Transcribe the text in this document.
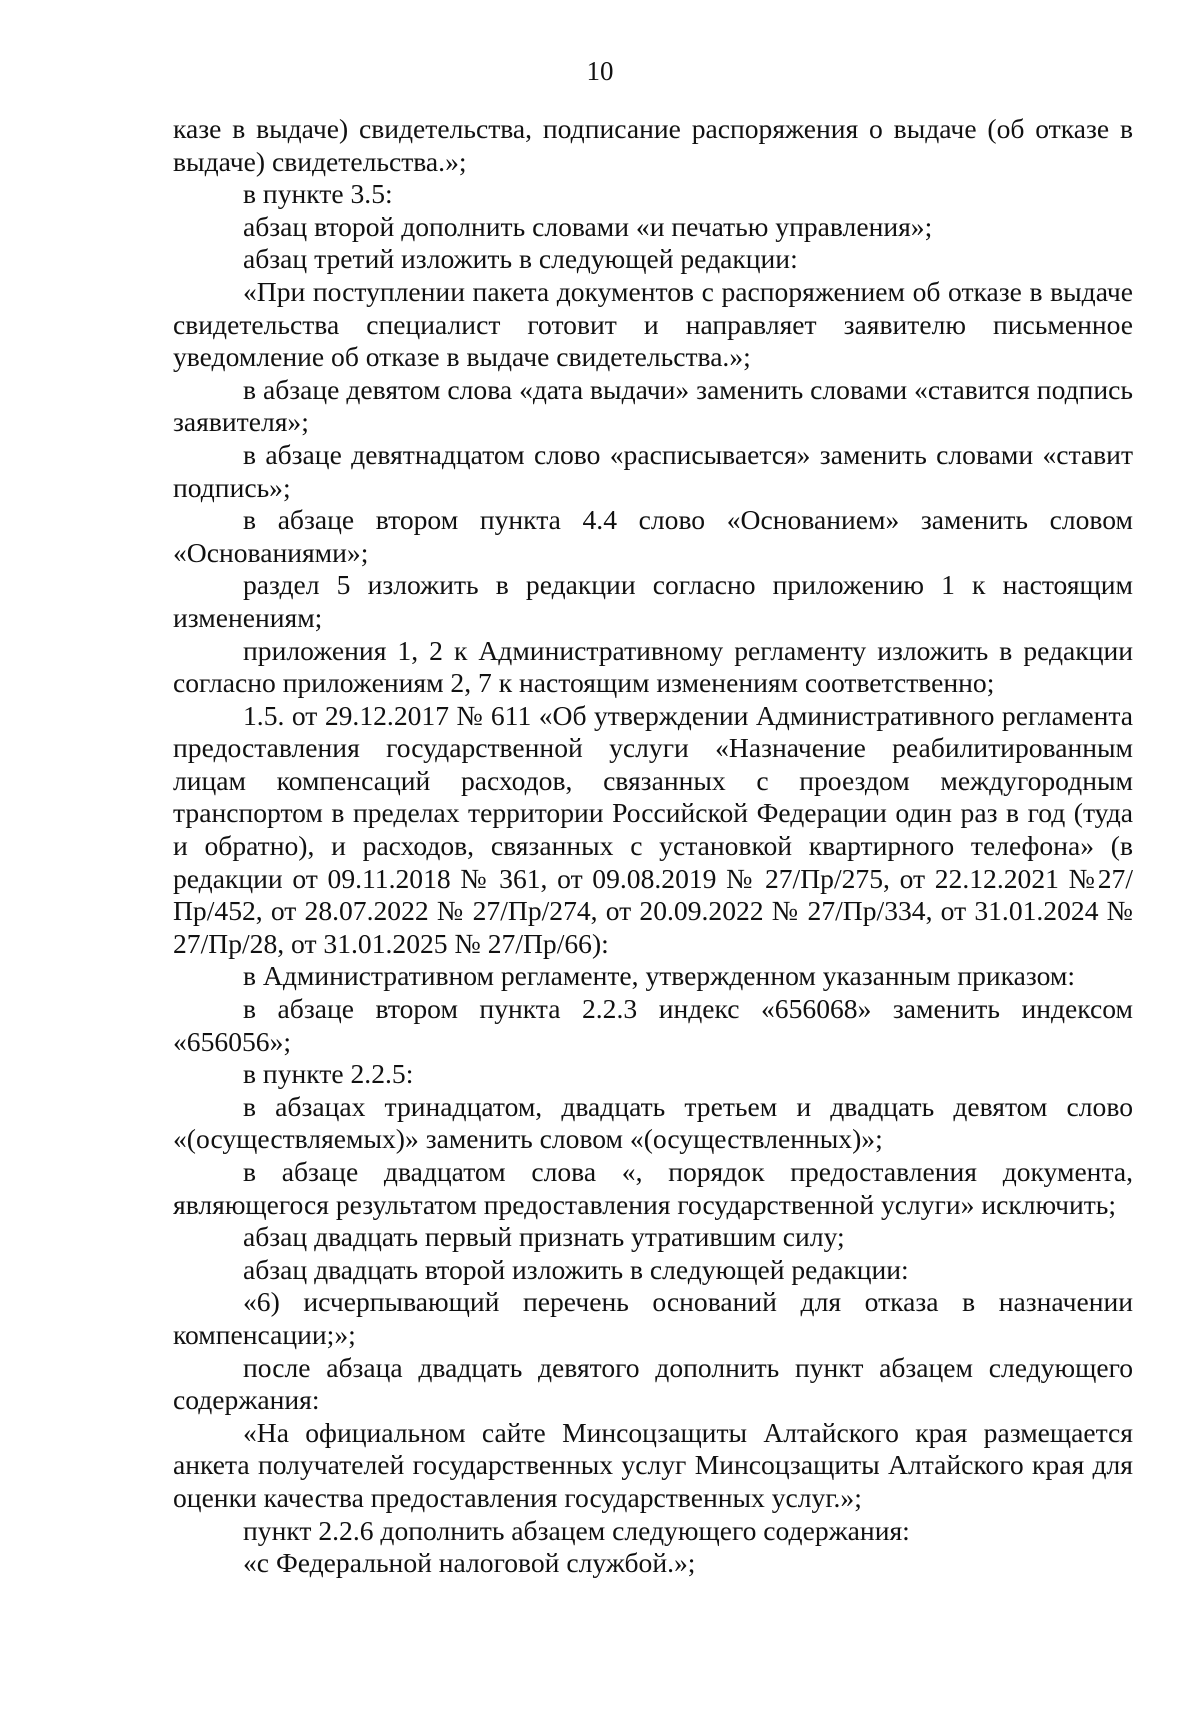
10

казе в выдаче) свидетельства, подписание распоряжения о выдаче (об отказе в выдаче) свидетельства.»;

в пункте 3.5:

абзац второй дополнить словами «и печатью управления»;

абзац третий изложить в следующей редакции:

«При поступлении пакета документов с распоряжением об отказе в выдаче свидетельства специалист готовит и направляет заявителю письменное уведомление об отказе в выдаче свидетельства.»;

в абзаце девятом слова «дата выдачи» заменить словами «ставится подпись заявителя»;

в абзаце девятнадцатом слово «расписывается» заменить словами «ставит подпись»;

в абзаце втором пункта 4.4 слово «Основанием» заменить словом «Основаниями»;

раздел 5 изложить в редакции согласно приложению 1 к настоящим изменениям;

приложения 1, 2 к Административному регламенту изложить в редакции согласно приложениям 2, 7 к настоящим изменениям соответственно;

1.5. от 29.12.2017 № 611 «Об утверждении Административного регламента предоставления государственной услуги «Назначение реабилитированным лицам компенсаций расходов, связанных с проездом междугородным транспортом в пределах территории Российской Федерации один раз в год (туда и обратно), и расходов, связанных с установкой квартирного телефона» (в редакции от 09.11.2018 № 361, от 09.08.2019 № 27/Пр/275, от 22.12.2021 №27/Пр/452, от 28.07.2022 № 27/Пр/274, от 20.09.2022 № 27/Пр/334, от 31.01.2024 № 27/Пр/28, от 31.01.2025 № 27/Пр/66):

в Административном регламенте, утвержденном указанным приказом:

в абзаце втором пункта 2.2.3 индекс «656068» заменить индексом «656056»;

в пункте 2.2.5:

в абзацах тринадцатом, двадцать третьем и двадцать девятом слово «(осуществляемых)» заменить словом «(осуществленных)»;

в абзаце двадцатом слова «, порядок предоставления документа, являющегося результатом предоставления государственной услуги» исключить;

абзац двадцать первый признать утратившим силу;

абзац двадцать второй изложить в следующей редакции:

«6) исчерпывающий перечень оснований для отказа в назначении компенсации;»;

после абзаца двадцать девятого дополнить пункт абзацем следующего содержания:

«На официальном сайте Минсоцзащиты Алтайского края размещается анкета получателей государственных услуг Минсоцзащиты Алтайского края для оценки качества предоставления государственных услуг.»;

пункт 2.2.6 дополнить абзацем следующего содержания:

«с Федеральной налоговой службой.»;
